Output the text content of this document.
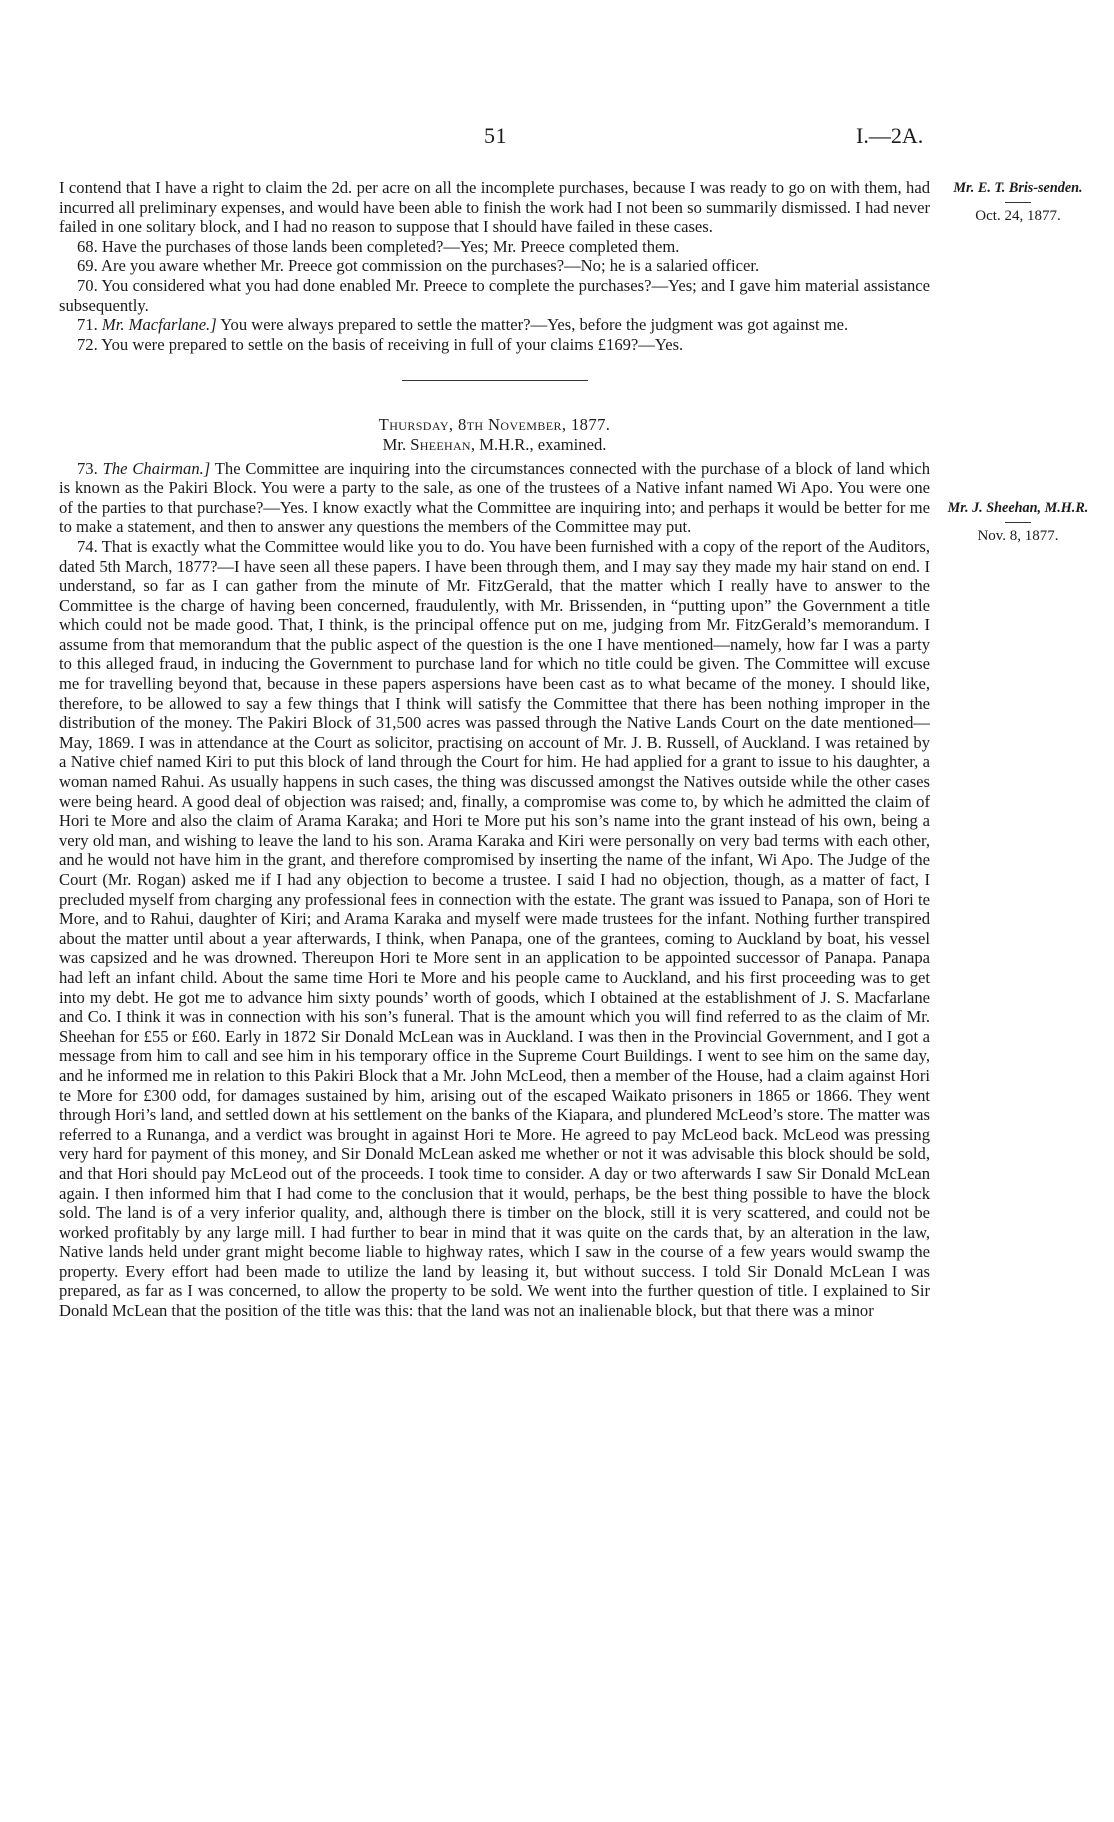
51	I.—2A.
Mr. E. T. Bris-senden.
Oct. 24, 1877.
Mr. J. Sheehan, M.H.R.
Nov. 8, 1877.

I contend that I have a right to claim the 2d. per acre on all the incomplete purchases, because I was ready to go on with them, had incurred all preliminary expenses, and would have been able to finish the work had I not been so summarily dismissed. I had never failed in one solitary block, and I had no reason to suppose that I should have failed in these cases.

68. Have the purchases of those lands been completed?—Yes; Mr. Preece completed them.

69. Are you aware whether Mr. Preece got commission on the purchases?—No; he is a salaried officer.

70. You considered what you had done enabled Mr. Preece to complete the purchases?—Yes; and I gave him material assistance subsequently.

71. Mr. Macfarlane.] You were always prepared to settle the matter?—Yes, before the judgment was got against me.

72. You were prepared to settle on the basis of receiving in full of your claims £169?—Yes.

Thursday, 8th November, 1877.

Mr. Sheehan, M.H.R., examined.

73. The Chairman.] The Committee are inquiring into the circumstances connected with the purchase of a block of land which is known as the Pakiri Block. You were a party to the sale, as one of the trustees of a Native infant named Wi Apo. You were one of the parties to that purchase?—Yes. I know exactly what the Committee are inquiring into; and perhaps it would be better for me to make a statement, and then to answer any questions the members of the Committee may put.

74. That is exactly what the Committee would like you to do. You have been furnished with a copy of the report of the Auditors, dated 5th March, 1877?—I have seen all these papers. I have been through them, and I may say they made my hair stand on end. I understand, so far as I can gather from the minute of Mr. FitzGerald, that the matter which I really have to answer to the Committee is the charge of having been concerned, fraudulently, with Mr. Brissenden, in “putting upon” the Government a title which could not be made good. That, I think, is the principal offence put on me, judging from Mr. FitzGerald’s memorandum. I assume from that memorandum that the public aspect of the question is the one I have mentioned—namely, how far I was a party to this alleged fraud, in inducing the Government to purchase land for which no title could be given. The Committee will excuse me for travelling beyond that, because in these papers aspersions have been cast as to what became of the money. I should like, therefore, to be allowed to say a few things that I think will satisfy the Committee that there has been nothing improper in the distribution of the money. The Pakiri Block of 31,500 acres was passed through the Native Lands Court on the date mentioned—May, 1869. I was in attendance at the Court as solicitor, practising on account of Mr. J. B. Russell, of Auckland. I was retained by a Native chief named Kiri to put this block of land through the Court for him. He had applied for a grant to issue to his daughter, a woman named Rahui. As usually happens in such cases, the thing was discussed amongst the Natives outside while the other cases were being heard. A good deal of objection was raised; and, finally, a compromise was come to, by which he admitted the claim of Hori te More and also the claim of Arama Karaka; and Hori te More put his son’s name into the grant instead of his own, being a very old man, and wishing to leave the land to his son. Arama Karaka and Kiri were personally on very bad terms with each other, and he would not have him in the grant, and therefore compromised by inserting the name of the infant, Wi Apo. The Judge of the Court (Mr. Rogan) asked me if I had any objection to become a trustee. I said I had no objection, though, as a matter of fact, I precluded myself from charging any professional fees in connection with the estate. The grant was issued to Panapa, son of Hori te More, and to Rahui, daughter of Kiri; and Arama Karaka and myself were made trustees for the infant. Nothing further transpired about the matter until about a year afterwards, I think, when Panapa, one of the grantees, coming to Auckland by boat, his vessel was capsized and he was drowned. Thereupon Hori te More sent in an application to be appointed successor of Panapa. Panapa had left an infant child. About the same time Hori te More and his people came to Auckland, and his first proceeding was to get into my debt. He got me to advance him sixty pounds’ worth of goods, which I obtained at the establishment of J. S. Macfarlane and Co. I think it was in connection with his son’s funeral. That is the amount which you will find referred to as the claim of Mr. Sheehan for £55 or £60. Early in 1872 Sir Donald McLean was in Auckland. I was then in the Provincial Government, and I got a message from him to call and see him in his temporary office in the Supreme Court Buildings. I went to see him on the same day, and he informed me in relation to this Pakiri Block that a Mr. John McLeod, then a member of the House, had a claim against Hori te More for £300 odd, for damages sustained by him, arising out of the escaped Waikato prisoners in 1865 or 1866. They went through Hori’s land, and settled down at his settlement on the banks of the Kiapara, and plundered McLeod’s store. The matter was referred to a Runanga, and a verdict was brought in against Hori te More. He agreed to pay McLeod back. McLeod was pressing very hard for payment of this money, and Sir Donald McLean asked me whether or not it was advisable this block should be sold, and that Hori should pay McLeod out of the proceeds. I took time to consider. A day or two afterwards I saw Sir Donald McLean again. I then informed him that I had come to the conclusion that it would, perhaps, be the best thing possible to have the block sold. The land is of a very inferior quality, and, although there is timber on the block, still it is very scattered, and could not be worked profitably by any large mill. I had further to bear in mind that it was quite on the cards that, by an alteration in the law, Native lands held under grant might become liable to highway rates, which I saw in the course of a few years would swamp the property. Every effort had been made to utilize the land by leasing it, but without success. I told Sir Donald McLean I was prepared, as far as I was concerned, to allow the property to be sold. We went into the further question of title. I explained to Sir Donald McLean that the position of the title was this: that the land was not an inalienable block, but that there was a minor
